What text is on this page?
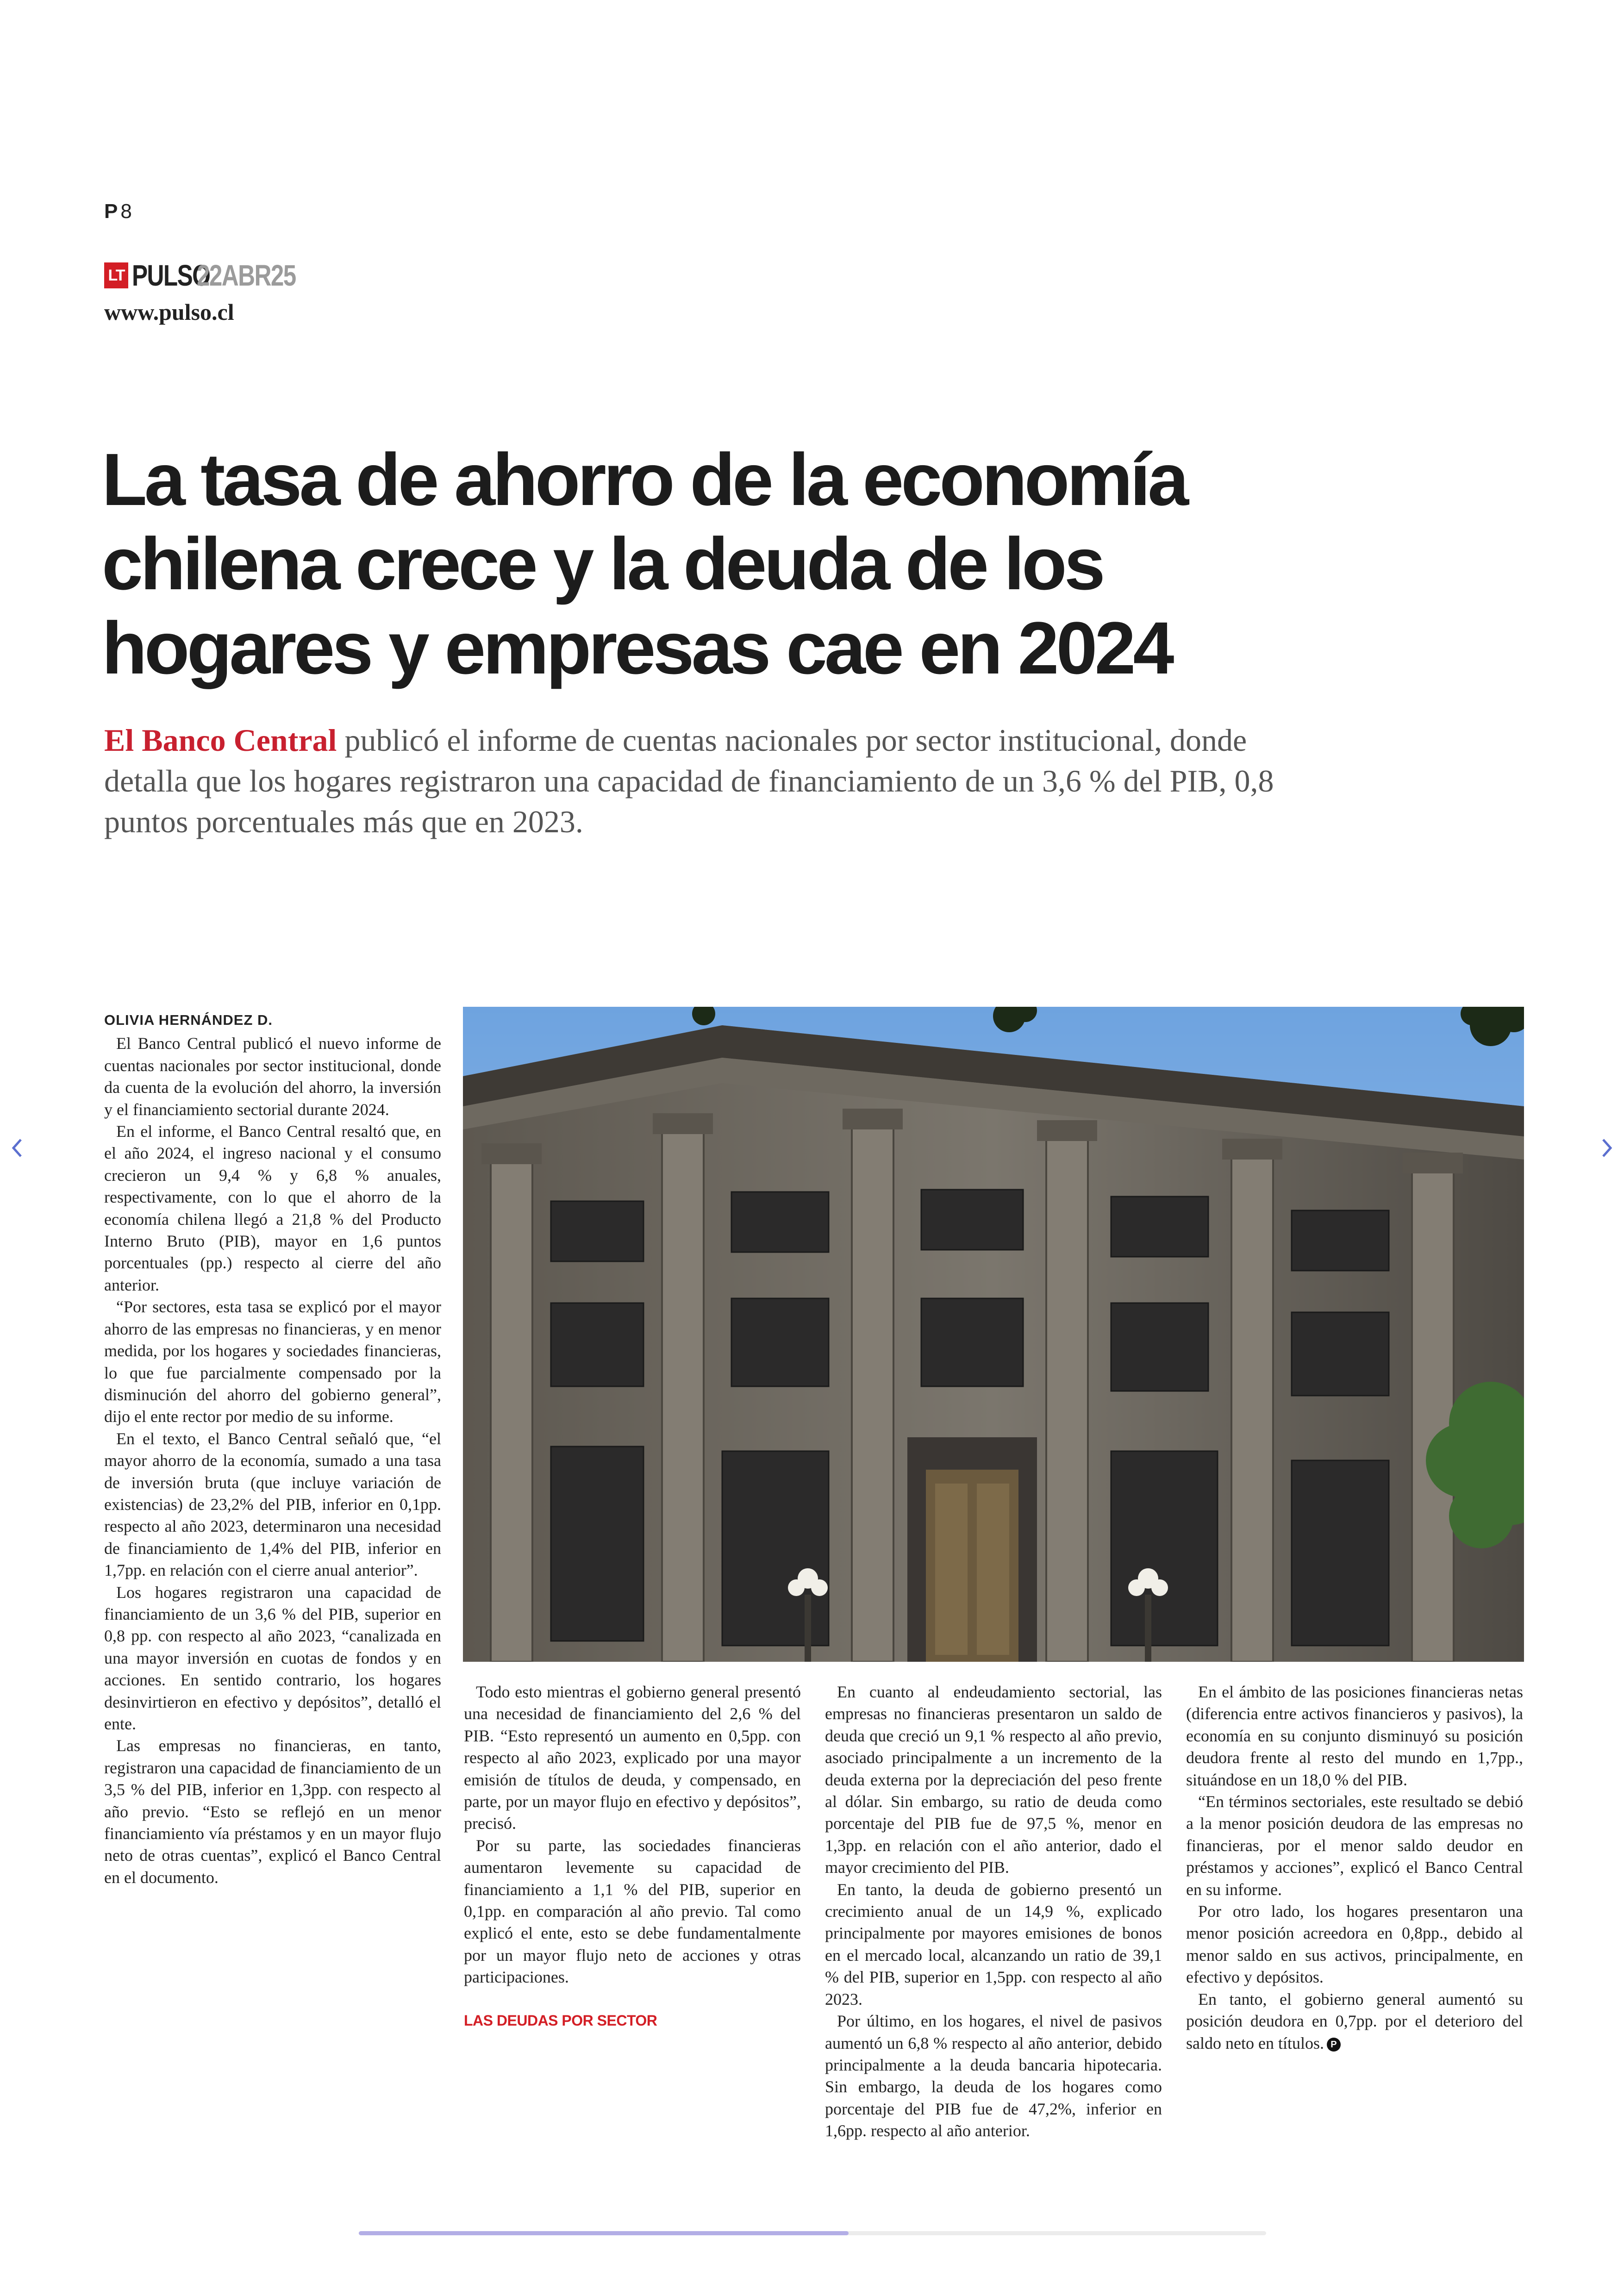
P 8
LT PULSO
22ABR25
www.pulso.cl
La tasa de ahorro de la economía chilena crece y la deuda de los hogares y empresas cae en 2024

El Banco Central publicó el informe de cuentas nacionales por sector institucional, donde detalla que los hogares registraron una capacidad de financiamiento de un 3,6 % del PIB, 0,8 puntos porcentuales más que en 2023.

OLIVIA HERNÁNDEZ D.

El Banco Central publicó el nuevo informe de cuentas nacionales por sector institucional, donde da cuenta de la evolución del ahorro, la inversión y el financiamiento sectorial durante 2024.

En el informe, el Banco Central resaltó que, en el año 2024, el ingreso nacional y el consumo crecieron un 9,4 % y 6,8 % anuales, respectivamente, con lo que el ahorro de la economía chilena llegó a 21,8 % del Producto Interno Bruto (PIB), mayor en 1,6 puntos porcentuales (pp.) respecto al cierre del año anterior.

“Por sectores, esta tasa se explicó por el mayor ahorro de las empresas no financieras, y en menor medida, por los hogares y sociedades financieras, lo que fue parcialmente compensado por la disminución del ahorro del gobierno general”, dijo el ente rector por medio de su informe.

En el texto, el Banco Central señaló que, “el mayor ahorro de la economía, sumado a una tasa de inversión bruta (que incluye variación de existencias) de 23,2% del PIB, inferior en 0,1pp. respecto al año 2023, determinaron una necesidad de financiamiento de 1,4% del PIB, inferior en 1,7pp. en relación con el cierre anual anterior”.

Los hogares registraron una capacidad de financiamiento de un 3,6 % del PIB, superior en 0,8 pp. con respecto al año 2023, “canalizada en una mayor inversión en cuotas de fondos y en acciones. En sentido contrario, los hogares desinvirtieron en efectivo y depósitos”, detalló el ente.

Las empresas no financieras, en tanto, registraron una capacidad de financiamiento de un 3,5 % del PIB, inferior en 1,3pp. con respecto al año previo. “Esto se reflejó en un menor financiamiento vía préstamos y en un mayor flujo neto de otras cuentas”, explicó el Banco Central en el documento.

Todo esto mientras el gobierno general presentó una necesidad de financiamiento del 2,6 % del PIB. “Esto representó un aumento en 0,5pp. con respecto al año 2023, explicado por una mayor emisión de títulos de deuda, y compensado, en parte, por un mayor flujo en efectivo y depósitos”, precisó.

Por su parte, las sociedades financieras aumentaron levemente su capacidad de financiamiento a 1,1 % del PIB, superior en 0,1pp. en comparación al año previo. Tal como explicó el ente, esto se debe fundamentalmente por un mayor flujo neto de acciones y otras participaciones.

LAS DEUDAS POR SECTOR

En cuanto al endeudamiento sectorial, las empresas no financieras presentaron un saldo de deuda que creció un 9,1 % respecto al año previo, asociado principalmente a un incremento de la deuda externa por la depreciación del peso frente al dólar. Sin embargo, su ratio de deuda como porcentaje del PIB fue de 97,5 %, menor en 1,3pp. en relación con el año anterior, dado el mayor crecimiento del PIB.

En tanto, la deuda de gobierno presentó un crecimiento anual de un 14,9 %, explicado principalmente por mayores emisiones de bonos en el mercado local, alcanzando un ratio de 39,1 % del PIB, superior en 1,5pp. con respecto al año 2023.

Por último, en los hogares, el nivel de pasivos aumentó un 6,8 % respecto al año anterior, debido principalmente a la deuda bancaria hipotecaria. Sin embargo, la deuda de los hogares como porcentaje del PIB fue de 47,2%, inferior en 1,6pp. respecto al año anterior.

En el ámbito de las posiciones financieras netas (diferencia entre activos financieros y pasivos), la economía en su conjunto disminuyó su posición deudora frente al resto del mundo en 1,7pp., situándose en un 18,0 % del PIB.

“En términos sectoriales, este resultado se debió a la menor posición deudora de las empresas no financieras, por el menor saldo deudor en préstamos y acciones”, explicó el Banco Central en su informe.

Por otro lado, los hogares presentaron una menor posición acreedora en 0,8pp., debido al menor saldo en sus activos, principalmente, en efectivo y depósitos.

En tanto, el gobierno general aumentó su posición deudora en 0,7pp. por el deterioro del saldo neto en títulos. P
